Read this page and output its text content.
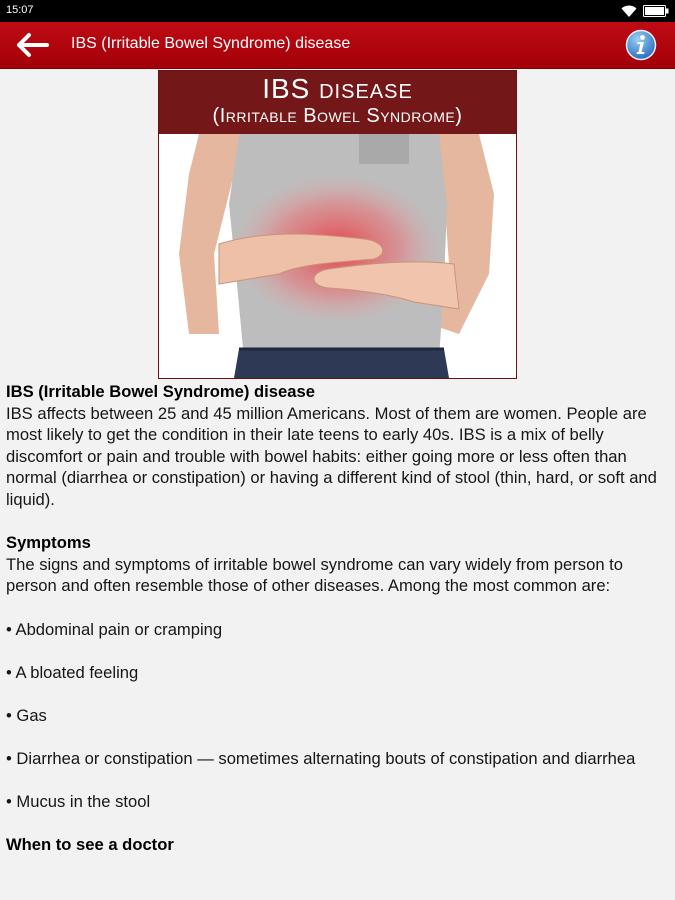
15:07
IBS (Irritable Bowel Syndrome) disease
IBS disease
(Irritable Bowel Syndrome)

IBS (Irritable Bowel Syndrome) disease

IBS affects between 25 and 45 million Americans. Most of them are women. People are most likely to get the condition in their late teens to early 40s. IBS is a mix of belly discomfort or pain and trouble with bowel habits: either going more or less often than normal (diarrhea or constipation) or having a different kind of stool (thin, hard, or soft and liquid).

Symptoms

The signs and symptoms of irritable bowel syndrome can vary widely from person to person and often resemble those of other diseases. Among the most common are:

• Abdominal pain or cramping

• A bloated feeling

• Gas

• Diarrhea or constipation — sometimes alternating bouts of constipation and diarrhea

• Mucus in the stool

When to see a doctor
